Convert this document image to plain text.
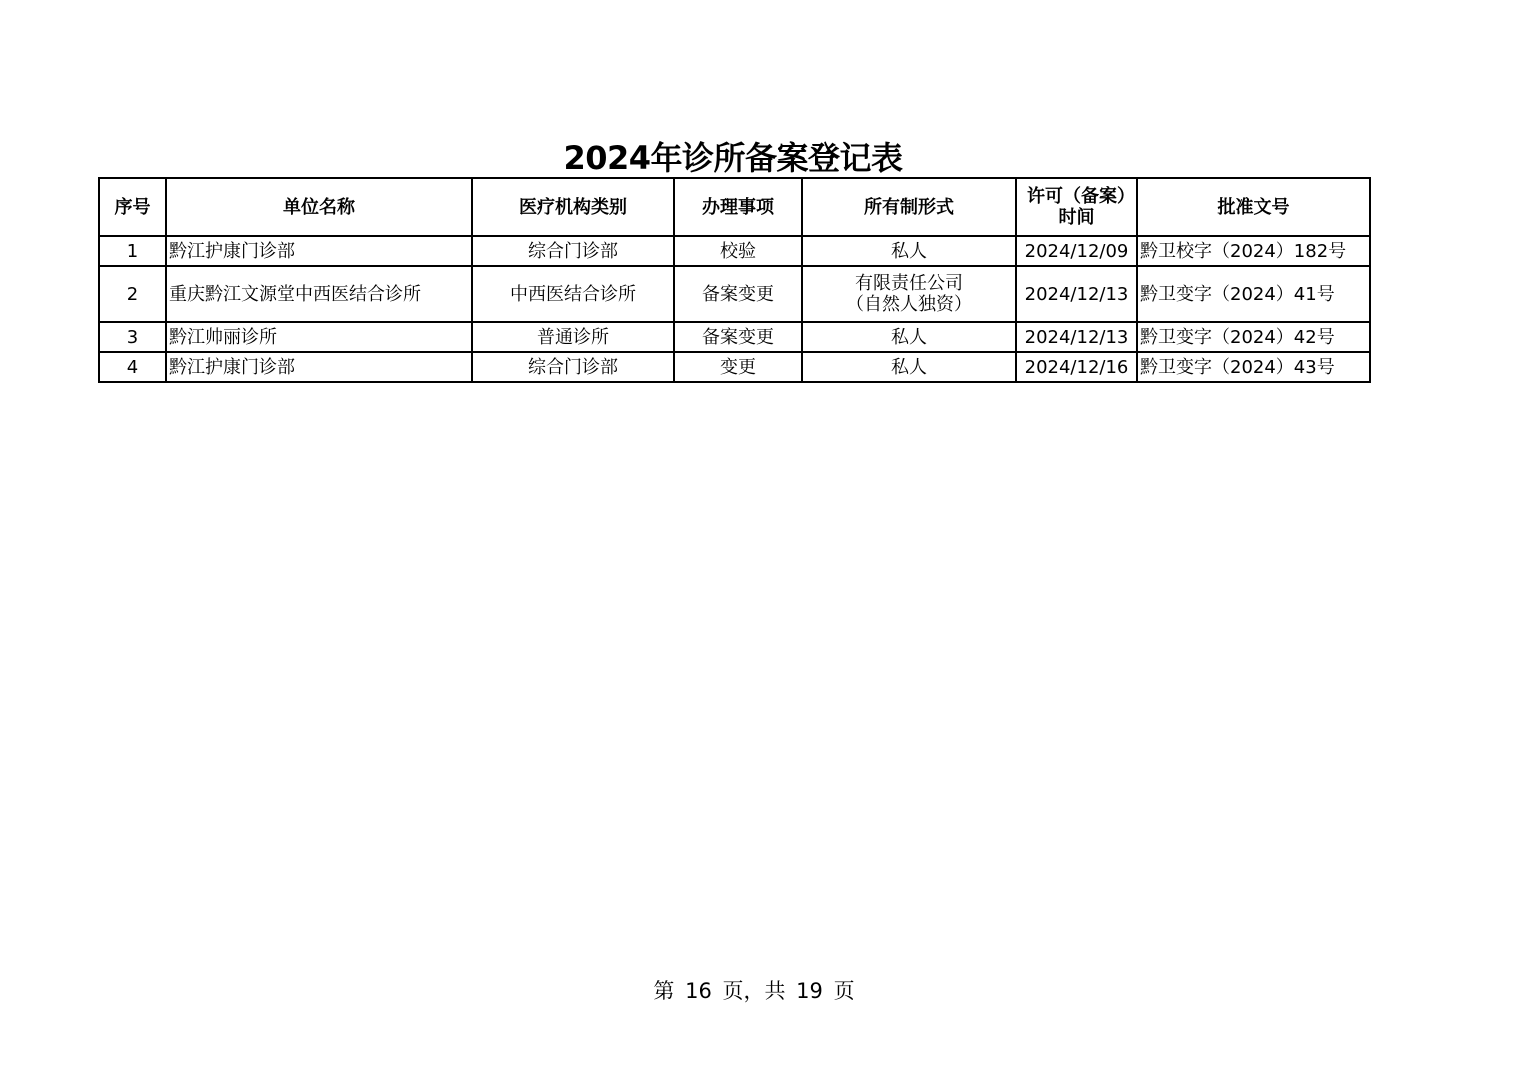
2024年诊所备案登记表
序号	单位名称	医疗机构类别	办理事项	所有制形式	许可（备案）时间	批准文号
1	黔江护康门诊部	综合门诊部	校验	私人	2024/12/09	黔卫校字（2024）182号
2	重庆黔江文源堂中西医结合诊所	中西医结合诊所	备案变更	有限责任公司
（自然人独资）	2024/12/13	黔卫变字（2024）41号
3	黔江帅丽诊所	普通诊所	备案变更	私人	2024/12/13	黔卫变字（2024）42号
4	黔江护康门诊部	综合门诊部	变更	私人	2024/12/16	黔卫变字（2024）43号
第 16 页，共 19 页
